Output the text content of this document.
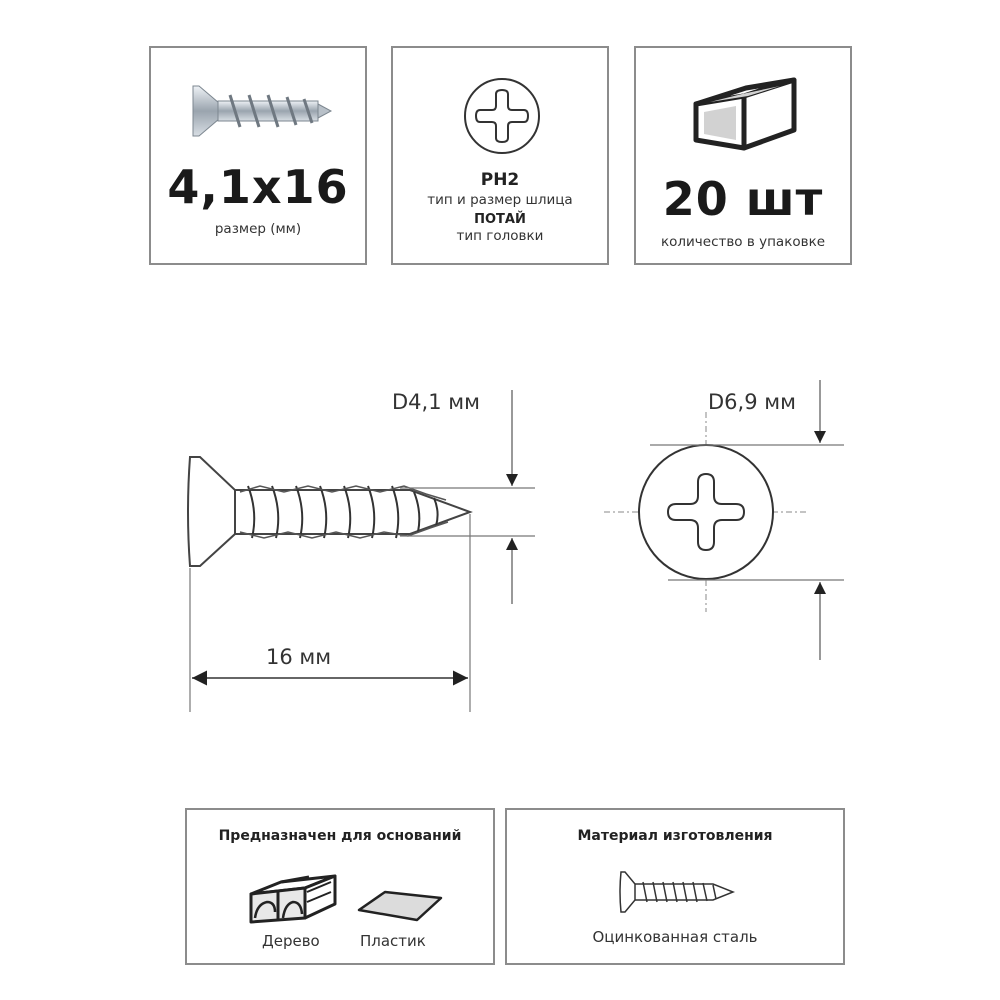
4,1x16
размер (мм)
PH2
тип и размер шлица
ПОТАЙ
тип головки
20 шт
количество в упаковке
D4,1 мм	D6,9 мм
16 мм
Предназначен для оснований
Дерево	Пластик
Материал изготовления
Оцинкованная сталь
